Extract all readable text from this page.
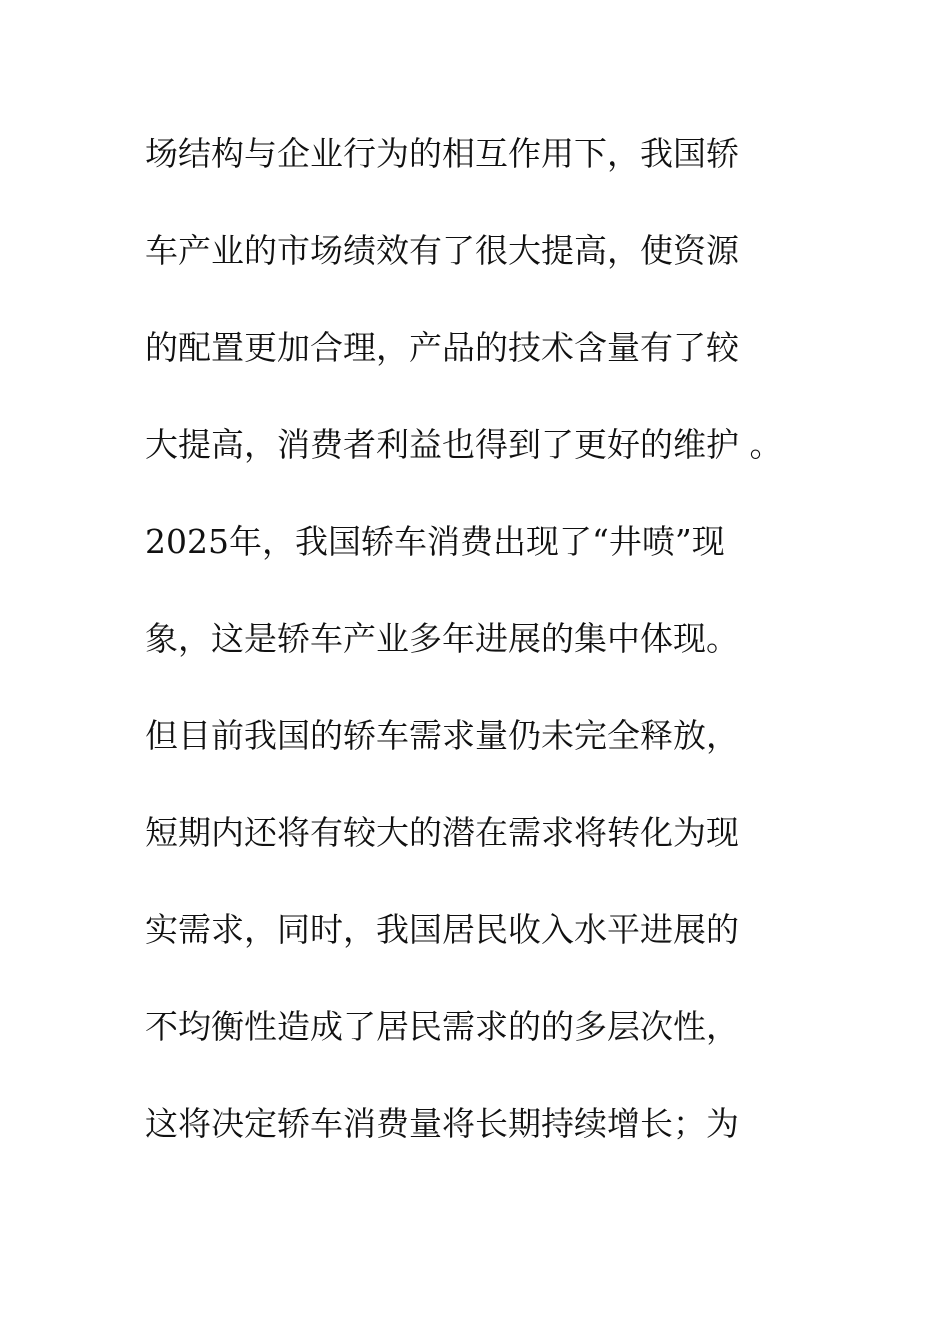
场结构与企业行为的相互作用下，我国轿
车产业的市场绩效有了很大提高，使资源
的配置更加合理，产品的技术含量有了较
大提高，消费者利益也得到了更好的维护 。
2025年，我国轿车消费出现了“井喷”现
象，这是轿车产业多年进展的集中体现。
但目前我国的轿车需求量仍未完全释放，
短期内还将有较大的潜在需求将转化为现
实需求，同时，我国居民收入水平进展的
不均衡性造成了居民需求的的多层次性，
这将决定轿车消费量将长期持续增长；为
